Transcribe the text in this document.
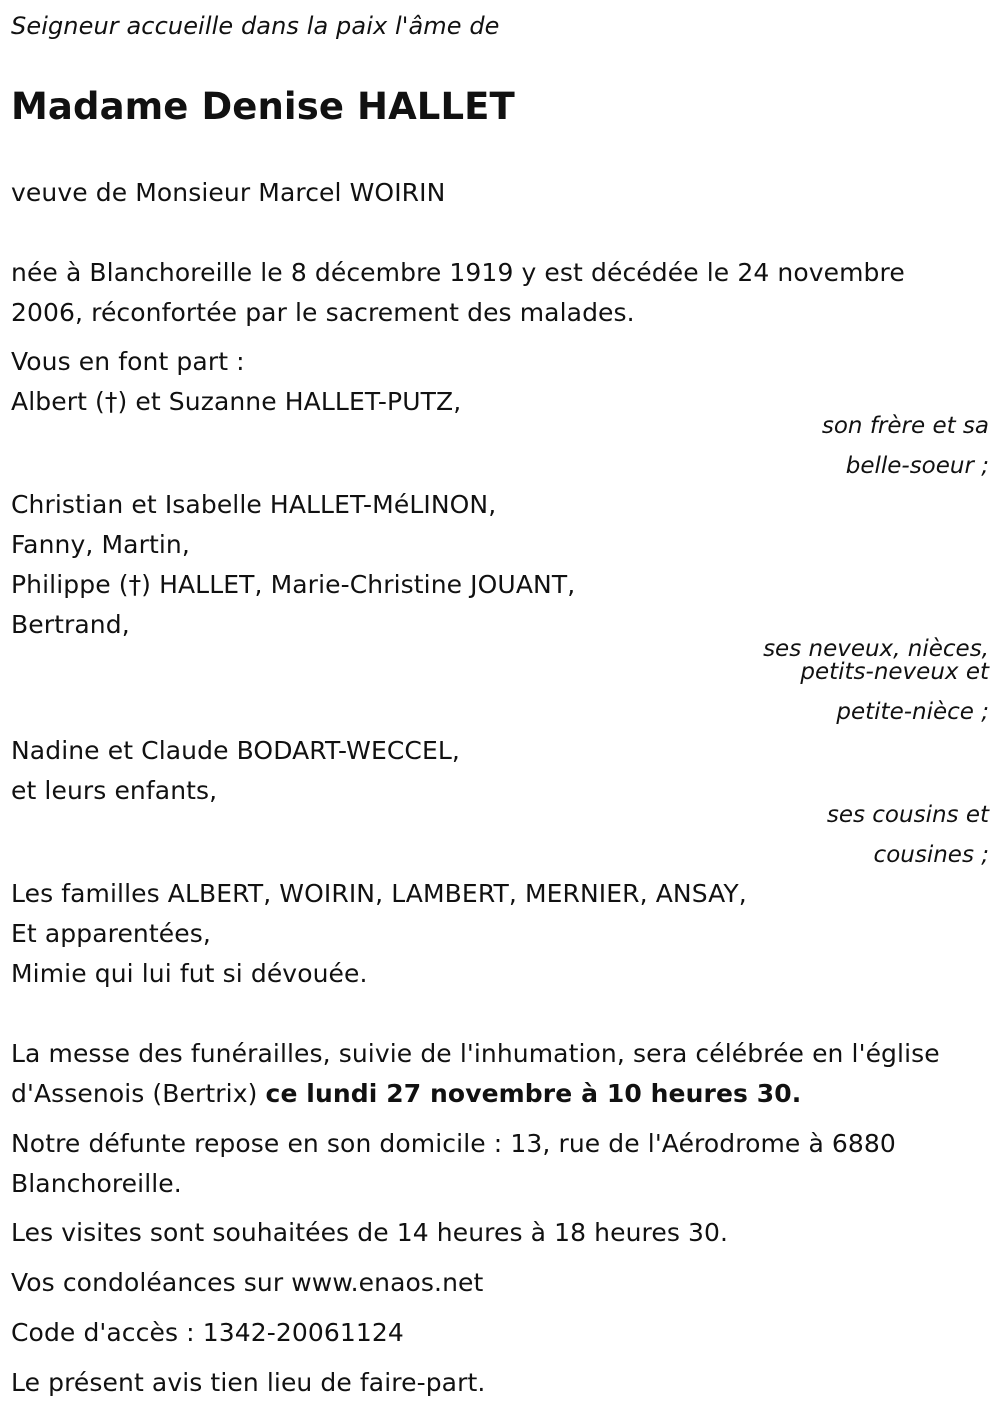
Seigneur accueille dans la paix l'âme de
Madame Denise HALLET
veuve de Monsieur Marcel WOIRIN
née à Blanchoreille le 8 décembre 1919 y est décédée le 24 novembre
2006, réconfortée par le sacrement des malades.
Vous en font part :
Albert (†) et Suzanne HALLET-PUTZ,
son frère et sa
belle-soeur ;
Christian et Isabelle HALLET-MéLINON,
Fanny, Martin,
Philippe (†) HALLET, Marie-Christine JOUANT,
Bertrand,
ses neveux, nièces,
petits-neveux et
petite-nièce ;
Nadine et Claude BODART-WECCEL,
et leurs enfants,
ses cousins et
cousines ;
Les familles ALBERT, WOIRIN, LAMBERT, MERNIER, ANSAY,
Et apparentées,
Mimie qui lui fut si dévouée.
La messe des funérailles, suivie de l'inhumation, sera célébrée en l'église
d'Assenois (Bertrix) ce lundi 27 novembre à 10 heures 30.
Notre défunte repose en son domicile : 13, rue de l'Aérodrome à 6880
Blanchoreille.
Les visites sont souhaitées de 14 heures à 18 heures 30.
Vos condoléances sur www.enaos.net
Code d'accès : 1342-20061124
Le présent avis tien lieu de faire-part.
